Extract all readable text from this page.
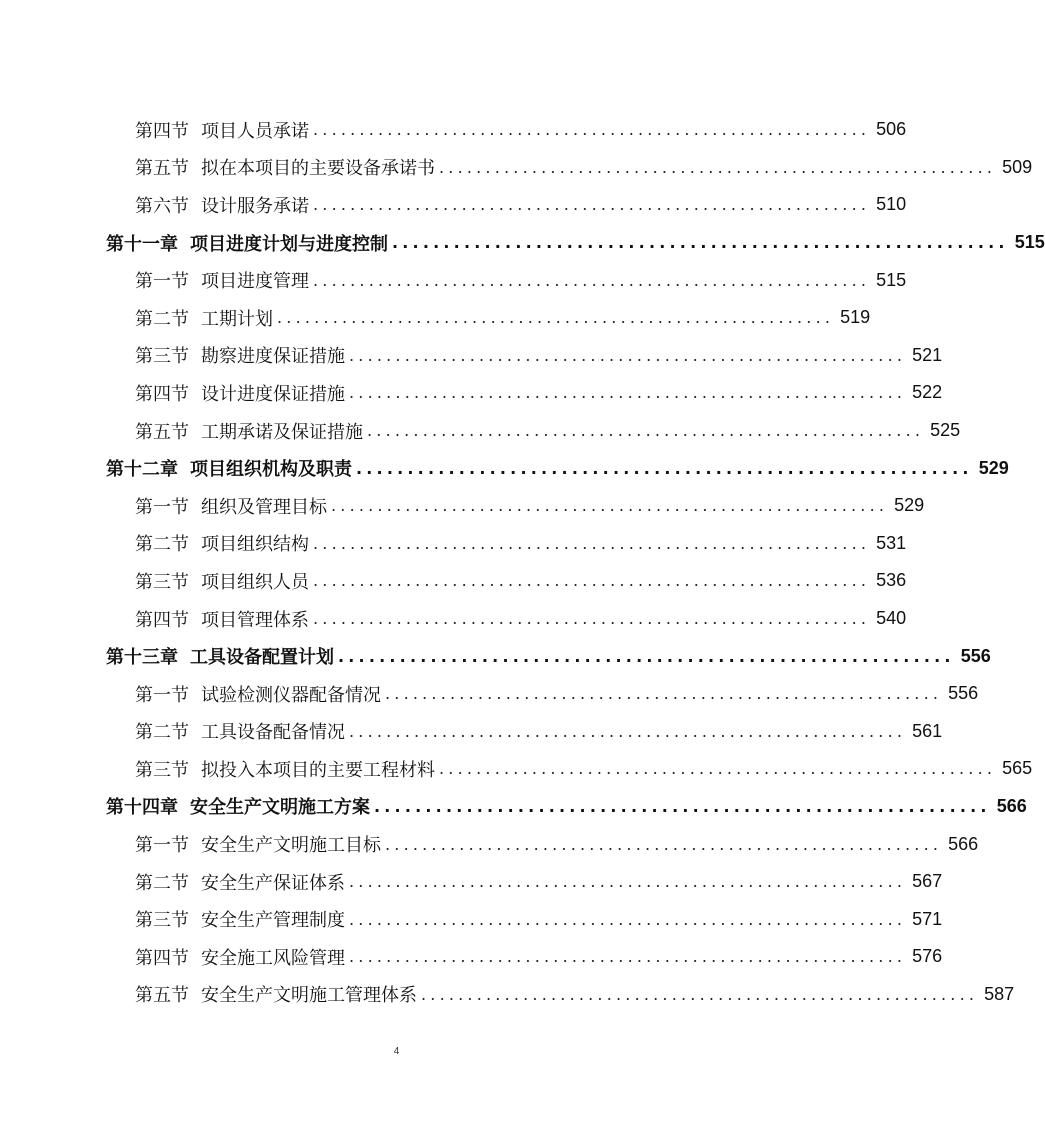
第四节 项目人员承诺 ............................................................ 506
第五节 拟在本项目的主要设备承诺书 ............................................................ 509
第六节 设计服务承诺 ............................................................ 510
第十一章 项目进度计划与进度控制 ............................................................ 515
第一节 项目进度管理 ............................................................ 515
第二节 工期计划 ............................................................ 519
第三节 勘察进度保证措施 ............................................................ 521
第四节 设计进度保证措施 ............................................................ 522
第五节 工期承诺及保证措施 ............................................................ 525
第十二章 项目组织机构及职责 ............................................................ 529
第一节 组织及管理目标 ............................................................ 529
第二节 项目组织结构 ............................................................ 531
第三节 项目组织人员 ............................................................ 536
第四节 项目管理体系 ............................................................ 540
第十三章 工具设备配置计划 ............................................................ 556
第一节 试验检测仪器配备情况 ............................................................ 556
第二节 工具设备配备情况 ............................................................ 561
第三节 拟投入本项目的主要工程材料 ............................................................ 565
第十四章 安全生产文明施工方案 ............................................................ 566
第一节 安全生产文明施工目标 ............................................................ 566
第二节 安全生产保证体系 ............................................................ 567
第三节 安全生产管理制度 ............................................................ 571
第四节 安全施工风险管理 ............................................................ 576
第五节 安全生产文明施工管理体系 ............................................................ 587
4
